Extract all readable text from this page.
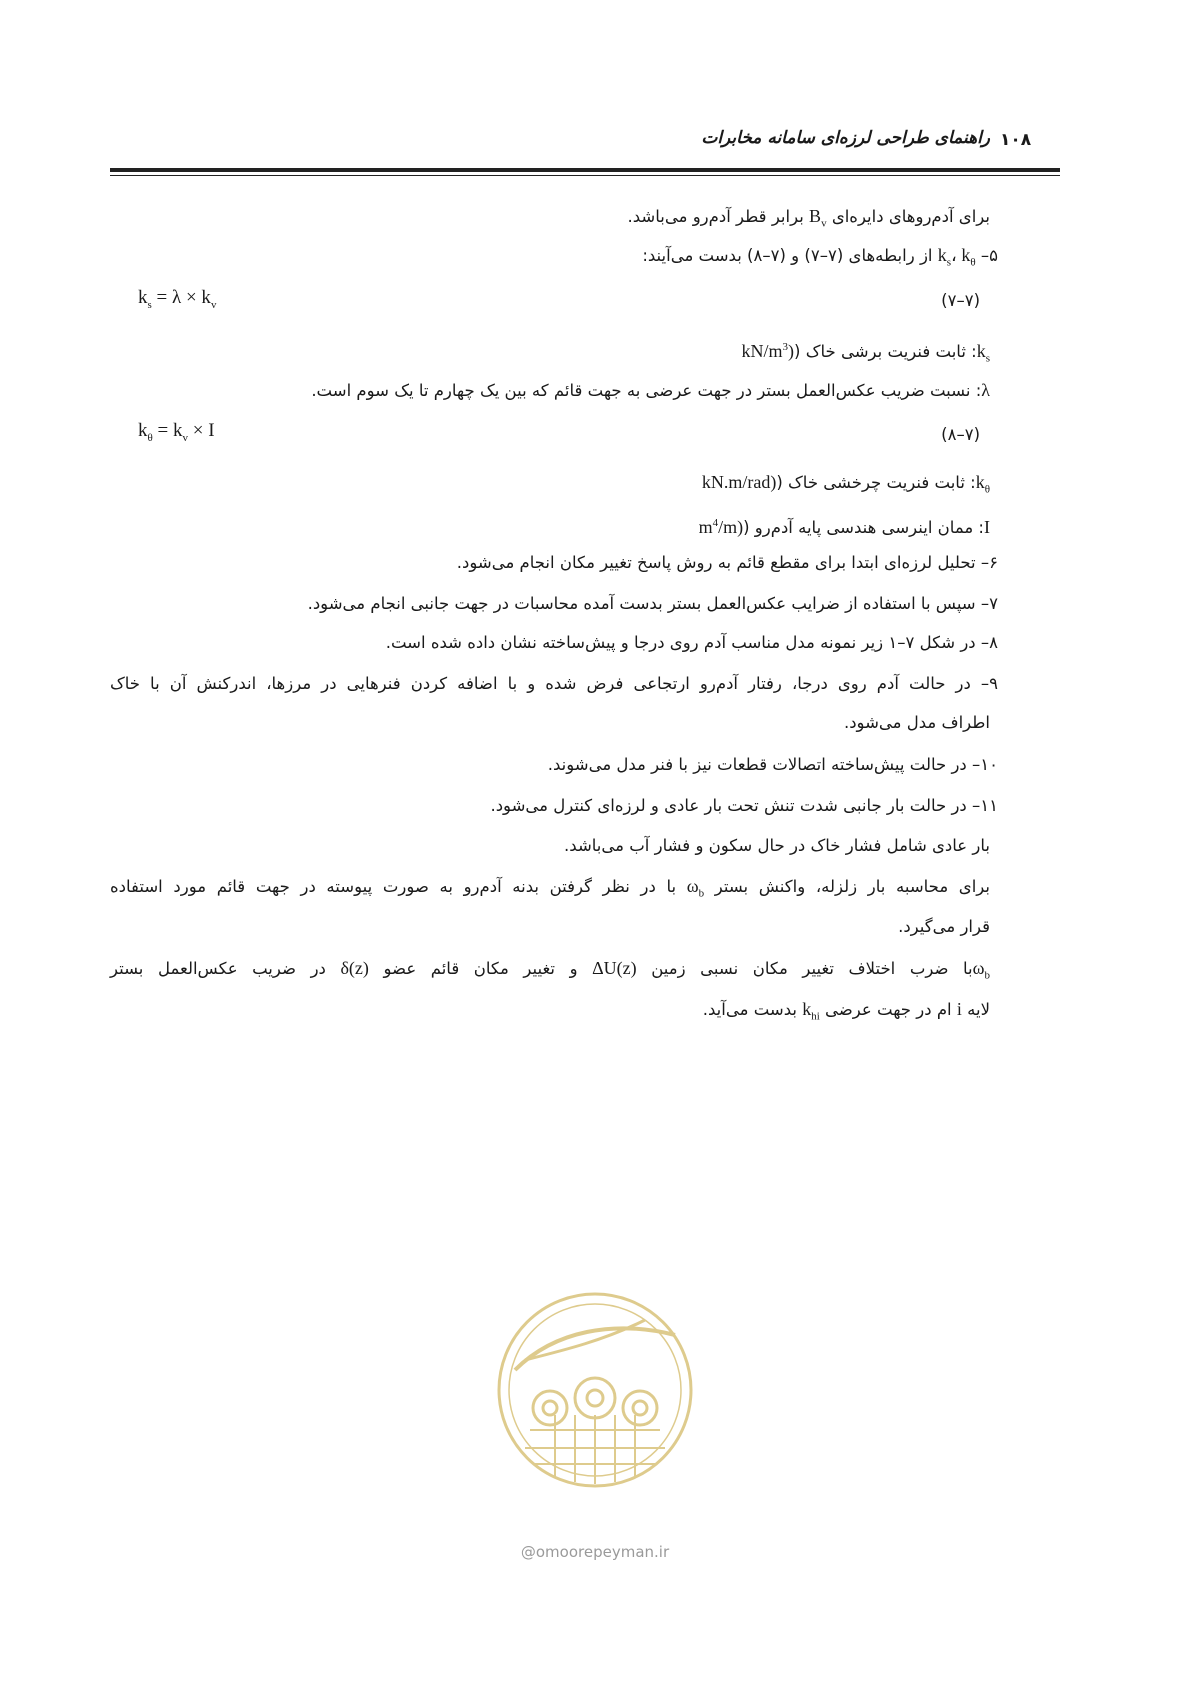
راهنمای طراحی لرزه‌ای سامانه مخابرات ۱۰۸
برای آدم‌روهای دایره‌ای $B_v$ برابر قطر آدم‌رو می‌باشد.
۵– $k_s،$ $k_\theta$ از رابطه‌های (۷–۷) و (۷–۸) بدست می‌آیند:
$k_s = \lambda \times k_v$	(۷–۷)
$k_s$: ثابت فنریت برشی خاک $(kN/m^3)$
λ: نسبت ضریب عکس‌العمل بستر در جهت عرضی به جهت قائم که بین یک چهارم تا یک سوم است.
$k_\theta = k_v \times I$	(۷–۸)
$k_\theta$: ثابت فنریت چرخشی خاک (kN.m/rad)
I: ممان اینرسی هندسی پایه آدم‌رو $(m^4/m)$
۶– تحلیل لرزه‌ای ابتدا برای مقطع قائم به روش پاسخ تغییر مکان انجام می‌شود.
۷– سپس با استفاده از ضرایب عکس‌العمل بستر بدست آمده محاسبات در جهت جانبی انجام می‌شود.
۸– در شکل ۷–۱ زیر نمونه مدل مناسب آدم روی درجا و پیش‌ساخته نشان داده شده است.
۹– در حالت آدم روی درجا، رفتار آدم‌رو ارتجاعی فرض شده و با اضافه کردن فنرهایی در مرزها، اندرکنش آن با خاک
اطراف مدل می‌شود.
۱۰– در حالت پیش‌ساخته اتصالات قطعات نیز با فنر مدل می‌شوند.
۱۱– در حالت بار جانبی شدت تنش تحت بار عادی و لرزه‌ای کنترل می‌شود.
بار عادی شامل فشار خاک در حال سکون و فشار آب می‌باشد.
برای محاسبه بار زلزله، واکنش بستر $\omega_b$ با در نظر گرفتن بدنه آدم‌رو به صورت پیوسته در جهت قائم مورد استفاده
قرار می‌گیرد.
$\omega_bبا$ ضرب اختلاف تغییر مکان نسبی زمین ΔU(z) و تغییر مکان قائم عضو δ(z) در ضریب عکس‌العمل بستر
لایه i ام در جهت عرضی $k_{hi}$ بدست می‌آید.
@omoorepeyman.ir
